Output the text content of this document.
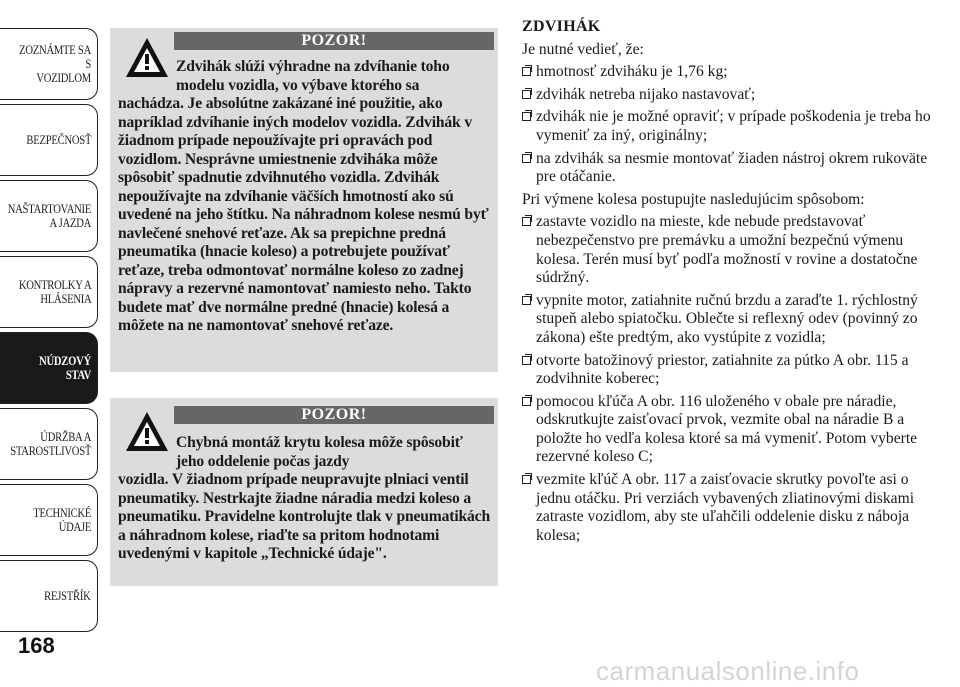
ZOZNÁMTE SA S
VOZIDLOM
BEZPEČNOSŤ
NAŠTARTOVANIE
A JAZDA
KONTROLKY A
HLÁSENIA
NÚDZOVÝ STAV
ÚDRŽBA A
STAROSTLIVOSŤ
TECHNICKÉ
ÚDAJE
REJSTŘÍK
168
POZOR!
Zdvihák slúži výhradne na zdvíhanie toho modelu vozidla, vo výbave ktorého sa
nachádza. Je absolútne zakázané iné použitie, ako napríklad zdvíhanie iných modelov vozidla. Zdvihák v žiadnom prípade nepoužívajte pri opravách pod vozidlom. Nesprávne umiestnenie zdviháka môže spôsobiť spadnutie zdvihnutého vozidla. Zdvihák nepoužívajte na zdvíhanie väčších hmotností ako sú uvedené na jeho štítku. Na náhradnom kolese nesmú byť navlečené snehové reťaze. Ak sa prepichne predná pneumatika (hnacie koleso) a potrebujete používať reťaze, treba odmontovať normálne koleso zo zadnej nápravy a rezervné namontovať namiesto neho. Takto budete mať dve normálne predné (hnacie) kolesá a môžete na ne namontovať snehové reťaze.
POZOR!
Chybná montáž krytu kolesa môže spôsobiť jeho oddelenie počas jazdy
vozidla. V žiadnom prípade neupravujte plniaci ventil pneumatiky. Nestrkajte žiadne náradia medzi koleso a pneumatiku. Pravidelne kontrolujte tlak v pneumatikách a náhradnom kolese, riaďte sa pritom hodnotami uvedenými v kapitole „Technické údaje".
ZDVIHÁK

Je nutné vedieť, že:

hmotnosť zdviháku je 1,76 kg;
zdvihák netreba nijako nastavovať;
zdvihák nie je možné opraviť; v prípade poškodenia je treba ho vymeniť za iný, originálny;
na zdvihák sa nesmie montovať žiaden nástroj okrem rukoväte pre otáčanie.

Pri výmene kolesa postupujte nasledujúcim spôsobom:

zastavte vozidlo na mieste, kde nebude predstavovať nebezpečenstvo pre premávku a umožní bezpečnú výmenu kolesa. Terén musí byť podľa možností v rovine a dostatočne súdržný.
vypnite motor, zatiahnite ručnú brzdu a zaraďte 1. rýchlostný stupeň alebo spiatočku. Oblečte si reflexný odev (povinný zo zákona) ešte predtým, ako vystúpite z vozidla;
otvorte batožinový priestor, zatiahnite za pútko A obr. 115 a zodvihnite koberec;
pomocou kľúča A obr. 116 uloženého v obale pre náradie, odskrutkujte zaisťovací prvok, vezmite obal na náradie B a položte ho vedľa kolesa ktoré sa má vymeniť. Potom vyberte rezervné koleso C;
vezmite kľúč A obr. 117 a zaisťovacie skrutky povoľte asi o jednu otáčku. Pri verziách vybavených zliatinovými diskami zatraste vozidlom, aby ste uľahčili oddelenie disku z nábojа kolesa;
carmanualsonline.info
